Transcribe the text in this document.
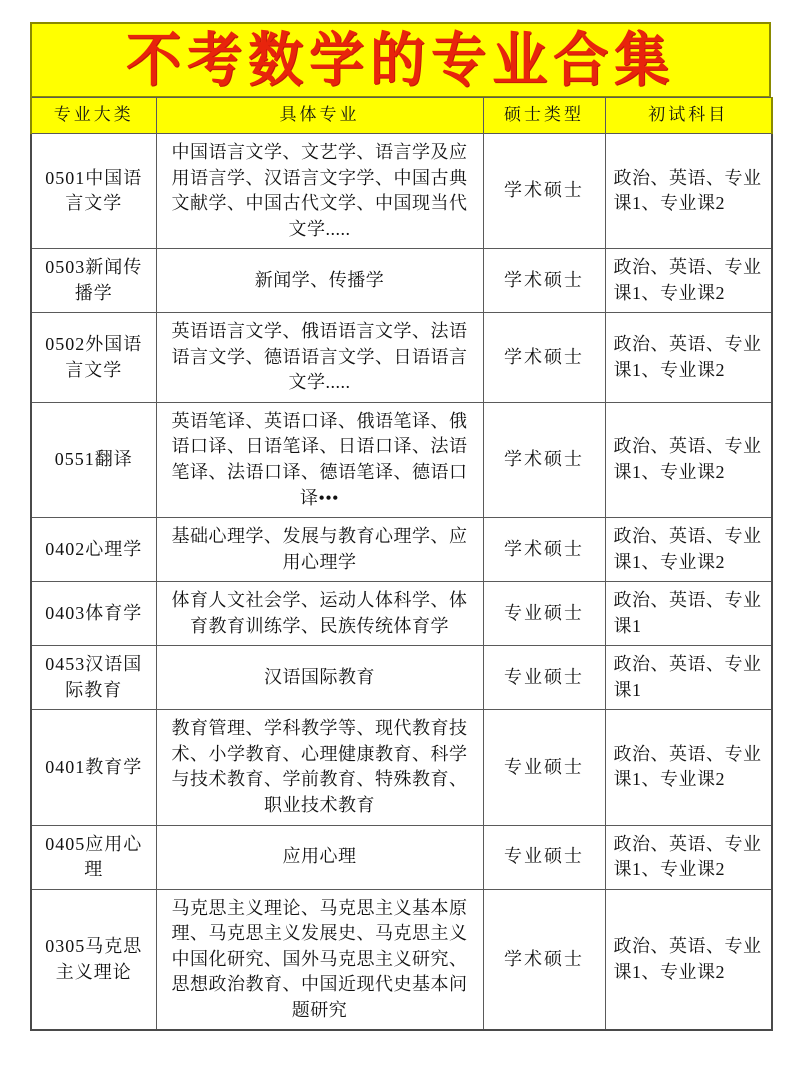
不考数学的专业合集
专业大类	具体专业	硕士类型	初试科目
0501中国语言文学	中国语言文学、文艺学、语言学及应用语言学、汉语言文字学、中国古典文献学、中国古代文学、中国现当代文学.....	学术硕士	政治、英语、专业课1、专业课2
0503新闻传播学	新闻学、传播学	学术硕士	政治、英语、专业课1、专业课2
0502外国语言文学	英语语言文学、俄语语言文学、法语语言文学、德语语言文学、日语语言文学.....	学术硕士	政治、英语、专业课1、专业课2
0551翻译	英语笔译、英语口译、俄语笔译、俄语口译、日语笔译、日语口译、法语笔译、法语口译、德语笔译、德语口译•••	学术硕士	政治、英语、专业课1、专业课2
0402心理学	基础心理学、发展与教育心理学、应用心理学	学术硕士	政治、英语、专业课1、专业课2
0403体育学	体育人文社会学、运动人体科学、体育教育训练学、民族传统体育学	专业硕士	政治、英语、专业课1
0453汉语国际教育	汉语国际教育	专业硕士	政治、英语、专业课1
0401教育学	教育管理、学科教学等、现代教育技术、小学教育、心理健康教育、科学与技术教育、学前教育、特殊教育、职业技术教育	专业硕士	政治、英语、专业课1、专业课2
0405应用心理	应用心理	专业硕士	政治、英语、专业课1、专业课2
0305马克思主义理论	马克思主义理论、马克思主义基本原理、马克思主义发展史、马克思主义中国化研究、国外马克思主义研究、思想政治教育、中国近现代史基本问题研究	学术硕士	政治、英语、专业课1、专业课2
